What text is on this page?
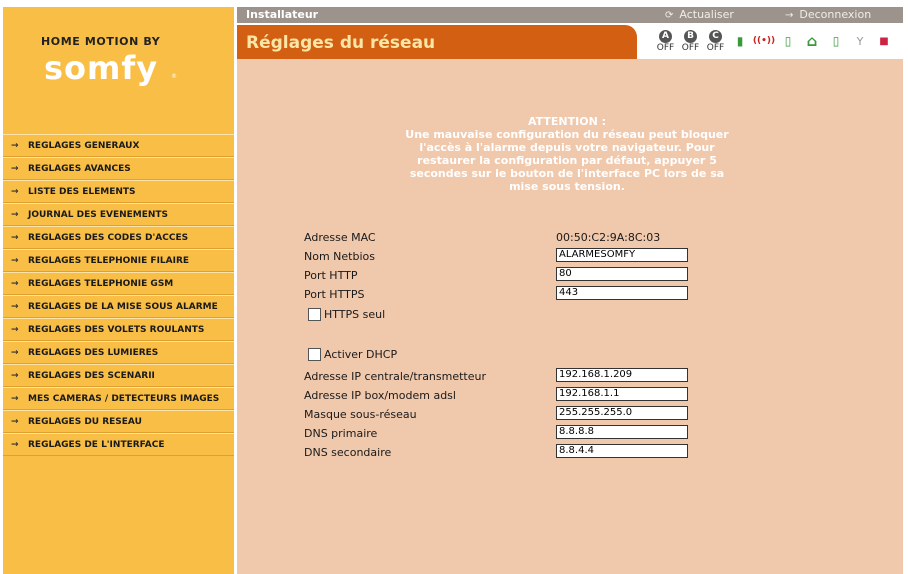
HOME MOTION BY
somfy ®
→	REGLAGES GENERAUX
→	REGLAGES AVANCES
→	LISTE DES ELEMENTS
→	JOURNAL DES EVENEMENTS
→	REGLAGES DES CODES D'ACCES
→	REGLAGES TELEPHONIE FILAIRE
→	REGLAGES TELEPHONIE GSM
→	REGLAGES DE LA MISE SOUS ALARME
→	REGLAGES DES VOLETS ROULANTS
→	REGLAGES DES LUMIERES
→	REGLAGES DES SCENARII
→	MES CAMERAS / DETECTEURS IMAGES
→	REGLAGES DU RESEAU
→	REGLAGES DE L'INTERFACE
Installateur	⟳ Actualiser	→ Deconnexion
Réglages du réseau	A
OFF
B
OFF
C
OFF	▮	((•)) ▯	⌂	▯	Y	■
ATTENTION :
Une mauvaise configuration du réseau peut bloquer
l'accès à l'alarme depuis votre navigateur. Pour
restaurer la configuration par défaut, appuyer 5
secondes sur le bouton de l'interface PC lors de sa
mise sous tension.
Adresse MAC	00:50:C2:9A:8C:03
Nom Netbios	ALARMESOMFY
Port HTTP	80
Port HTTPS	443
HTTPS seul
Activer DHCP
Adresse IP centrale/transmetteur	192.168.1.209
Adresse IP box/modem adsl	192.168.1.1
Masque sous-réseau	255.255.255.0
DNS primaire	8.8.8.8
DNS secondaire	8.8.4.4
